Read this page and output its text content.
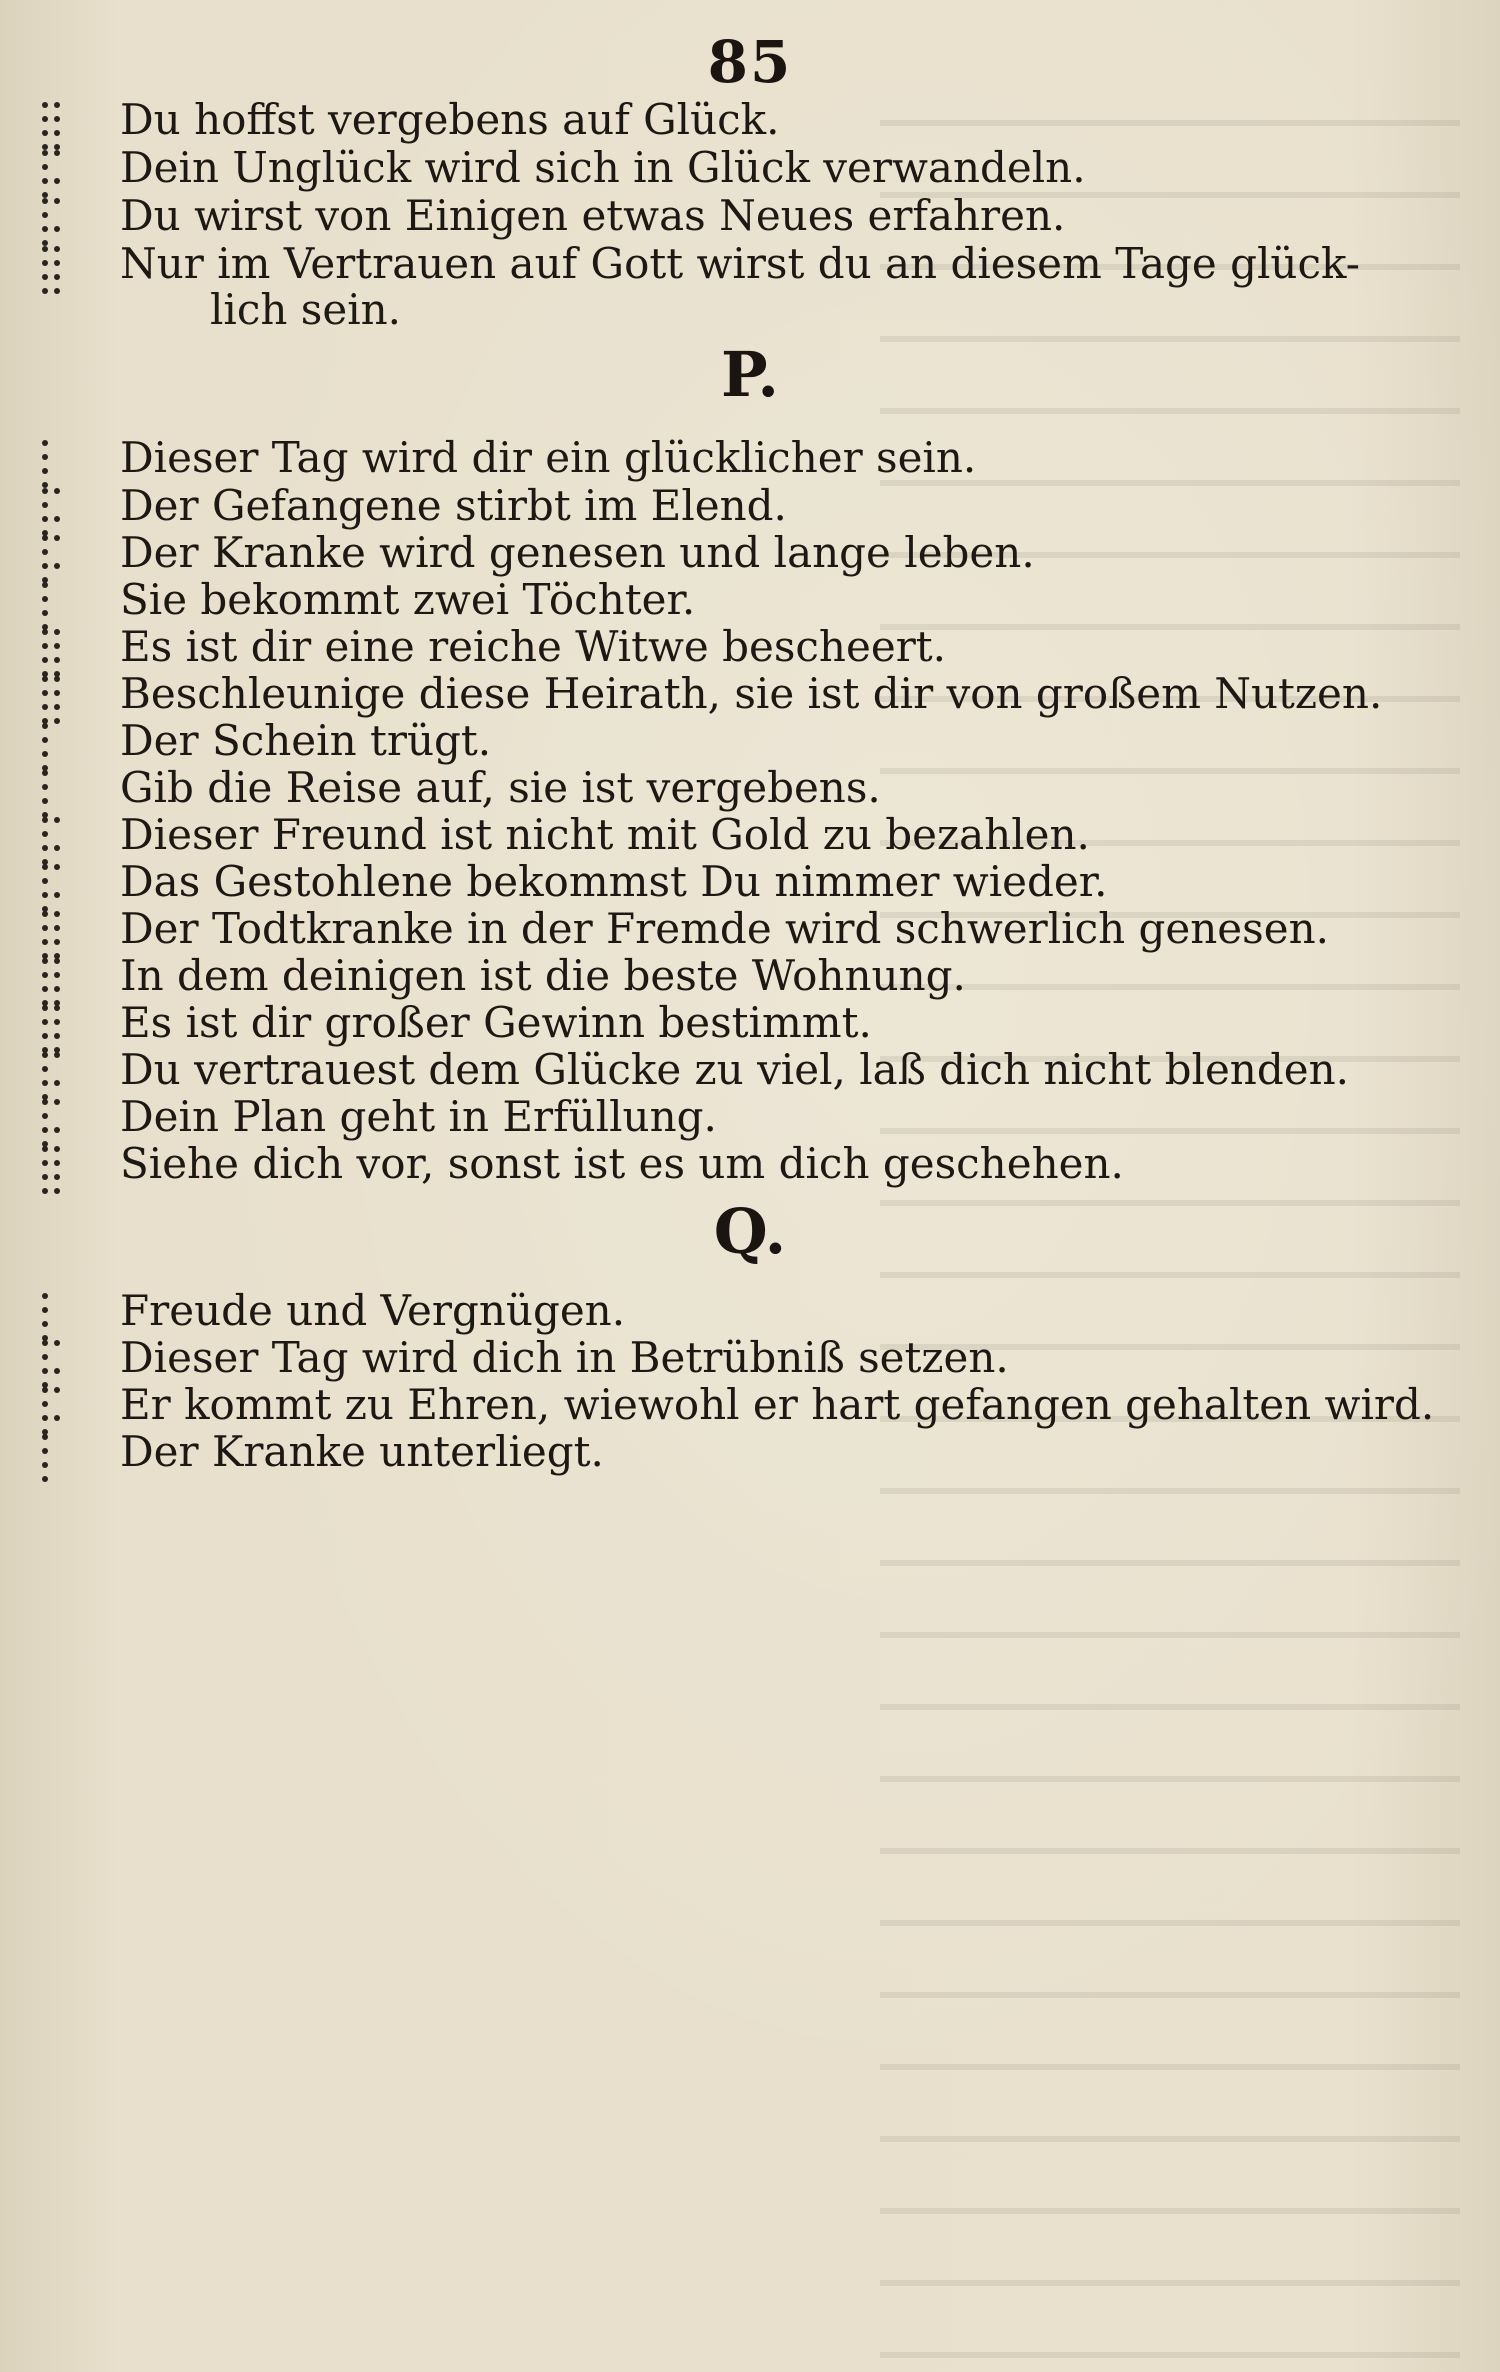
85
Du hoffst vergebens auf Glück.
Dein Unglück wird sich in Glück verwandeln.
Du wirst von Einigen etwas Neues erfahren.
Nur im Vertrauen auf Gott wirst du an diesem Tage glück-
lich sein.
P.
Dieser Tag wird dir ein glücklicher sein.
Der Gefangene stirbt im Elend.
Der Kranke wird genesen und lange leben.
Sie bekommt zwei Töchter.
Es ist dir eine reiche Witwe bescheert.
Beschleunige diese Heirath, sie ist dir von großem Nutzen.
Der Schein trügt.
Gib die Reise auf, sie ist vergebens.
Dieser Freund ist nicht mit Gold zu bezahlen.
Das Gestohlene bekommst Du nimmer wieder.
Der Todtkranke in der Fremde wird schwerlich genesen.
In dem deinigen ist die beste Wohnung.
Es ist dir großer Gewinn bestimmt.
Du vertrauest dem Glücke zu viel, laß dich nicht blenden.
Dein Plan geht in Erfüllung.
Siehe dich vor, sonst ist es um dich geschehen.
Q.
Freude und Vergnügen.
Dieser Tag wird dich in Betrübniß setzen.
Er kommt zu Ehren, wiewohl er hart gefangen gehalten wird.
Der Kranke unterliegt.
